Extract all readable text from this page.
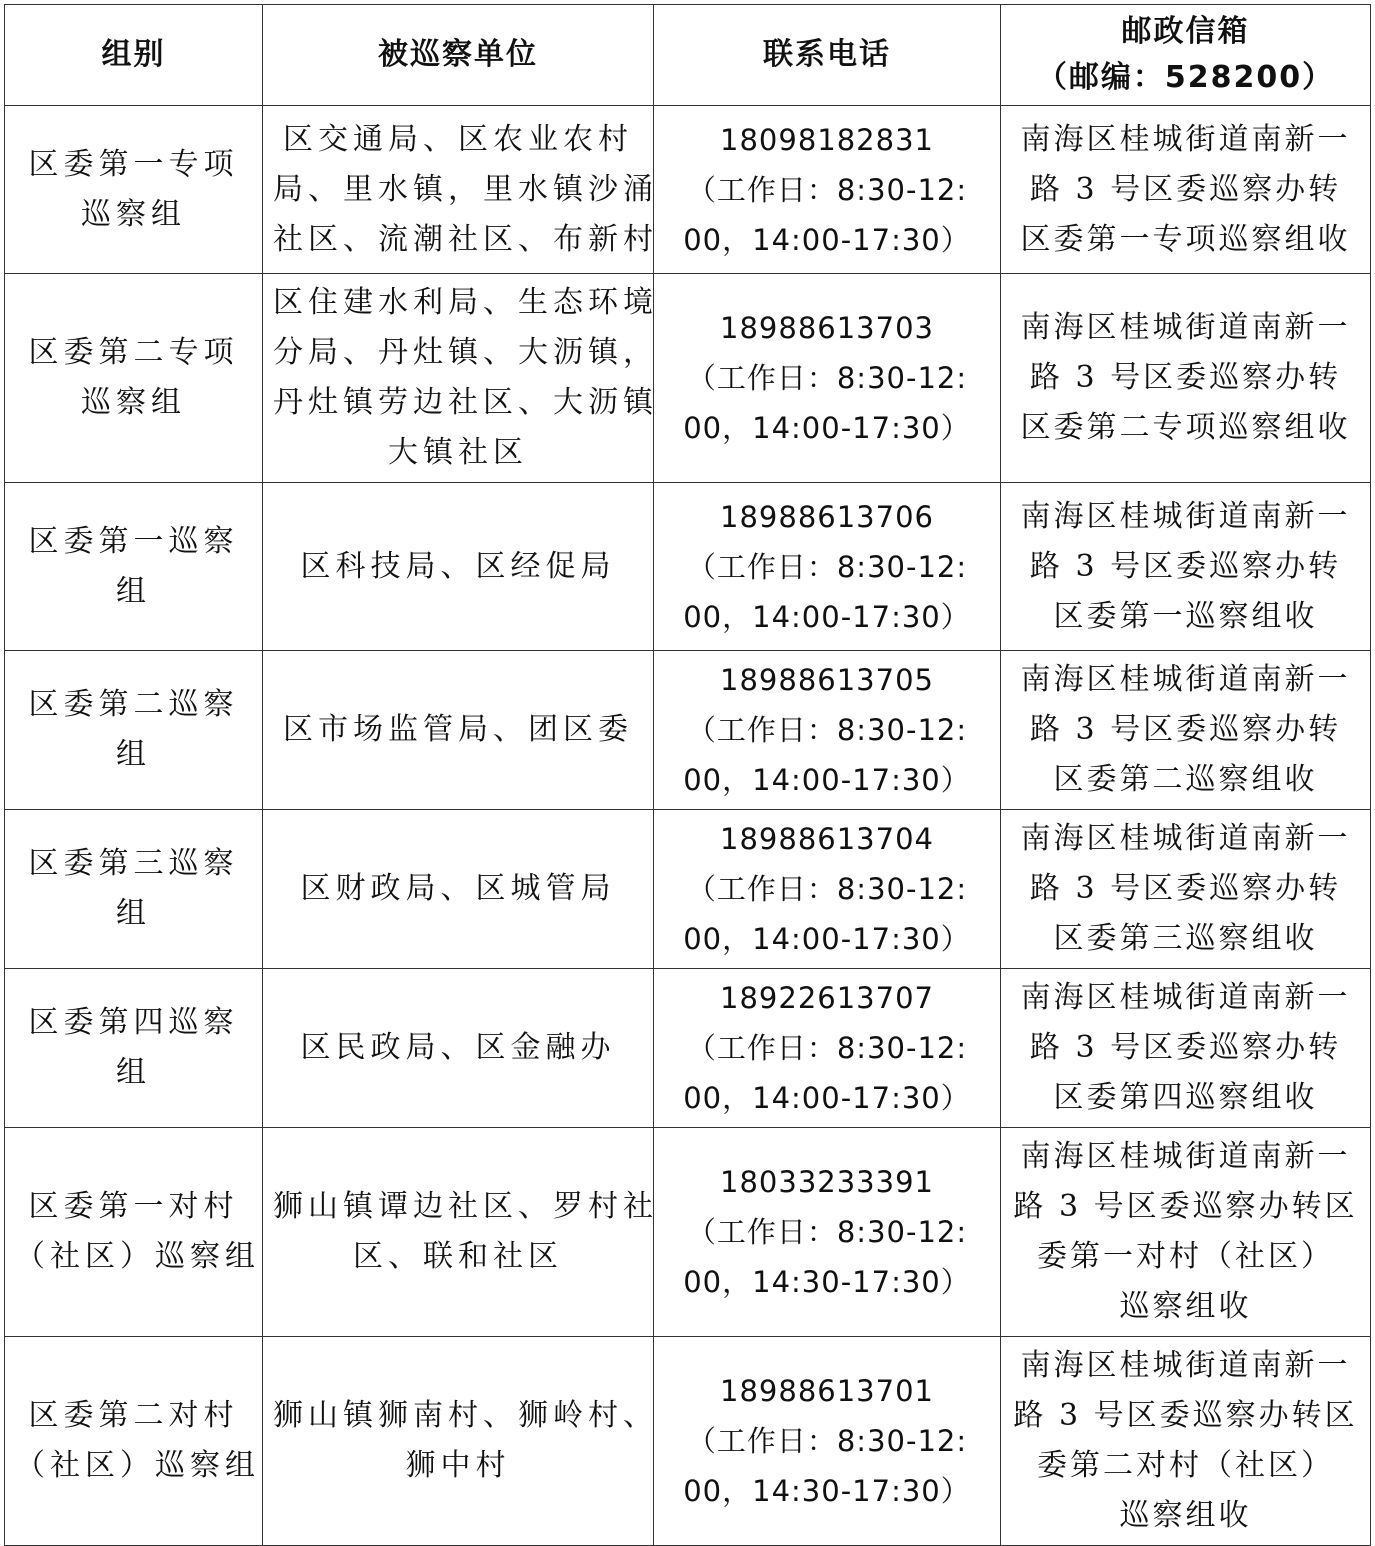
组别	被巡察单位	联系电话	邮政信箱
（邮编：528200）

区委第一专项
巡察组	区交通局、区农业农村
局、里水镇，里水镇沙涌
社区、流潮社区、布新村	18098182831
（工作日：8:30-12:
00，14:00-17:30）	南海区桂城街道南新一
路 3 号区委巡察办转
区委第一专项巡察组收

区委第二专项
巡察组	区住建水利局、生态环境
分局、丹灶镇、大沥镇，
丹灶镇劳边社区、大沥镇
大镇社区	18988613703
（工作日：8:30-12:
00，14:00-17:30）	南海区桂城街道南新一
路 3 号区委巡察办转
区委第二专项巡察组收

区委第一巡察
组	区科技局、区经促局	18988613706
（工作日：8:30-12:
00，14:00-17:30）	南海区桂城街道南新一
路 3 号区委巡察办转
区委第一巡察组收

区委第二巡察
组	区市场监管局、团区委	18988613705
（工作日：8:30-12:
00，14:00-17:30）	南海区桂城街道南新一
路 3 号区委巡察办转
区委第二巡察组收

区委第三巡察
组	区财政局、区城管局	18988613704
（工作日：8:30-12:
00，14:00-17:30）	南海区桂城街道南新一
路 3 号区委巡察办转
区委第三巡察组收

区委第四巡察
组	区民政局、区金融办	18922613707
（工作日：8:30-12:
00，14:00-17:30）	南海区桂城街道南新一
路 3 号区委巡察办转
区委第四巡察组收

区委第一对村
（社区）巡察组	狮山镇谭边社区、罗村社
区、联和社区	18033233391
（工作日：8:30-12:
00，14:30-17:30）	南海区桂城街道南新一
路 3 号区委巡察办转区
委第一对村（社区）
巡察组收

区委第二对村
（社区）巡察组	狮山镇狮南村、狮岭村、
狮中村	18988613701
（工作日：8:30-12:
00，14:30-17:30）	南海区桂城街道南新一
路 3 号区委巡察办转区
委第二对村（社区）
巡察组收
